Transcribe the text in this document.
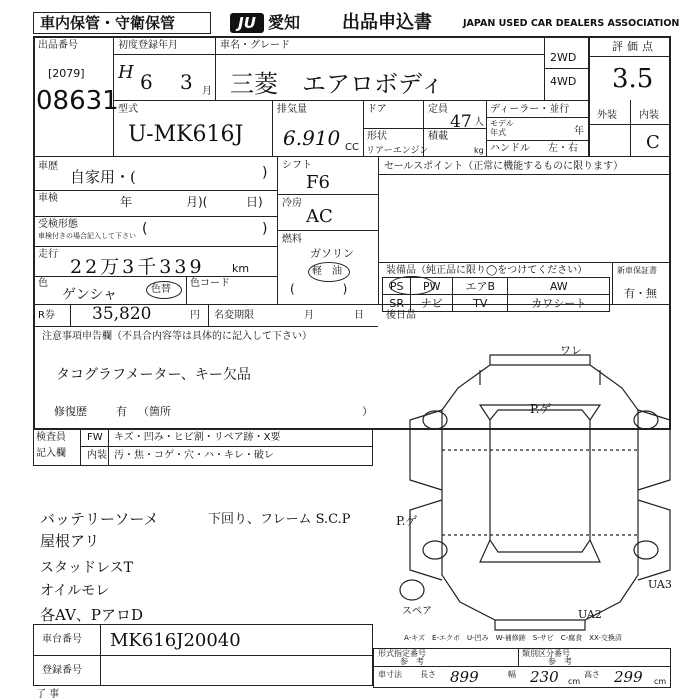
車内保管・守衛保管	JU 愛知 出品申込書	JAPAN USED CAR DEALERS ASSOCIATION
出品番号
[2079]
08631
初度登録年月
H 6 3 月
車名・グレード
三菱　エアロボディ
2WD
4WD
評価点
3.5
型式
U-MK616J
排気量
6.910 CC
ドア
形状
リアーエンジン
定員
47 人
積載
kg
ディーラー・並行
モデル
年式	年
ハンドル 左・右
外装 内装
C
車歴
自家用・(	)
車検	年	月)(	日)
受検形態
車検付きの場合記入して下さい (	)
走行
22万3千339 km
色
ゲンシャ	色替
色コード
シフト
F6
冷房
AC
燃料
ガソリン
軽　油
(　　　　)
セールスポイント（正常に機能するものに限ります）
装備品（純正品に限り◯をつけてください）
PS	PW	エアB	AW
SR	ナビ	TV	カワシート
新車保証書
有・無
R券 35,820	円 名変期限	月	日 後日品
注意事項申告欄（不具合内容等は具体的に記入して下さい）
タコグラフメーター、キー欠品
修復歴	有 （箇所	）
検査員
記入欄
FW キズ・凹み・ヒビ割・リペア跡・X要
内装 汚・焦・コゲ・穴・ハ・キレ・破レ
バッテリーソーメ
屋根アリ
スタッドレスT
オイルモレ
各AV、PアロD
下回り、フレーム S.C.P
ワレ
P.ゲ
P.ゲ
UA3
UA2
スペア
A-キズ　E-エクボ　U-凹み　W-補修跡　S-サビ　C-腐食　XX-交換済
車台番号 MK616J20040
登録番号
形式指定番号
参　考
類別区分番号
参　考
車寸法 長さ 899	幅 230 cm
高さ 299 cm
了 事 　 　 　 　 　
